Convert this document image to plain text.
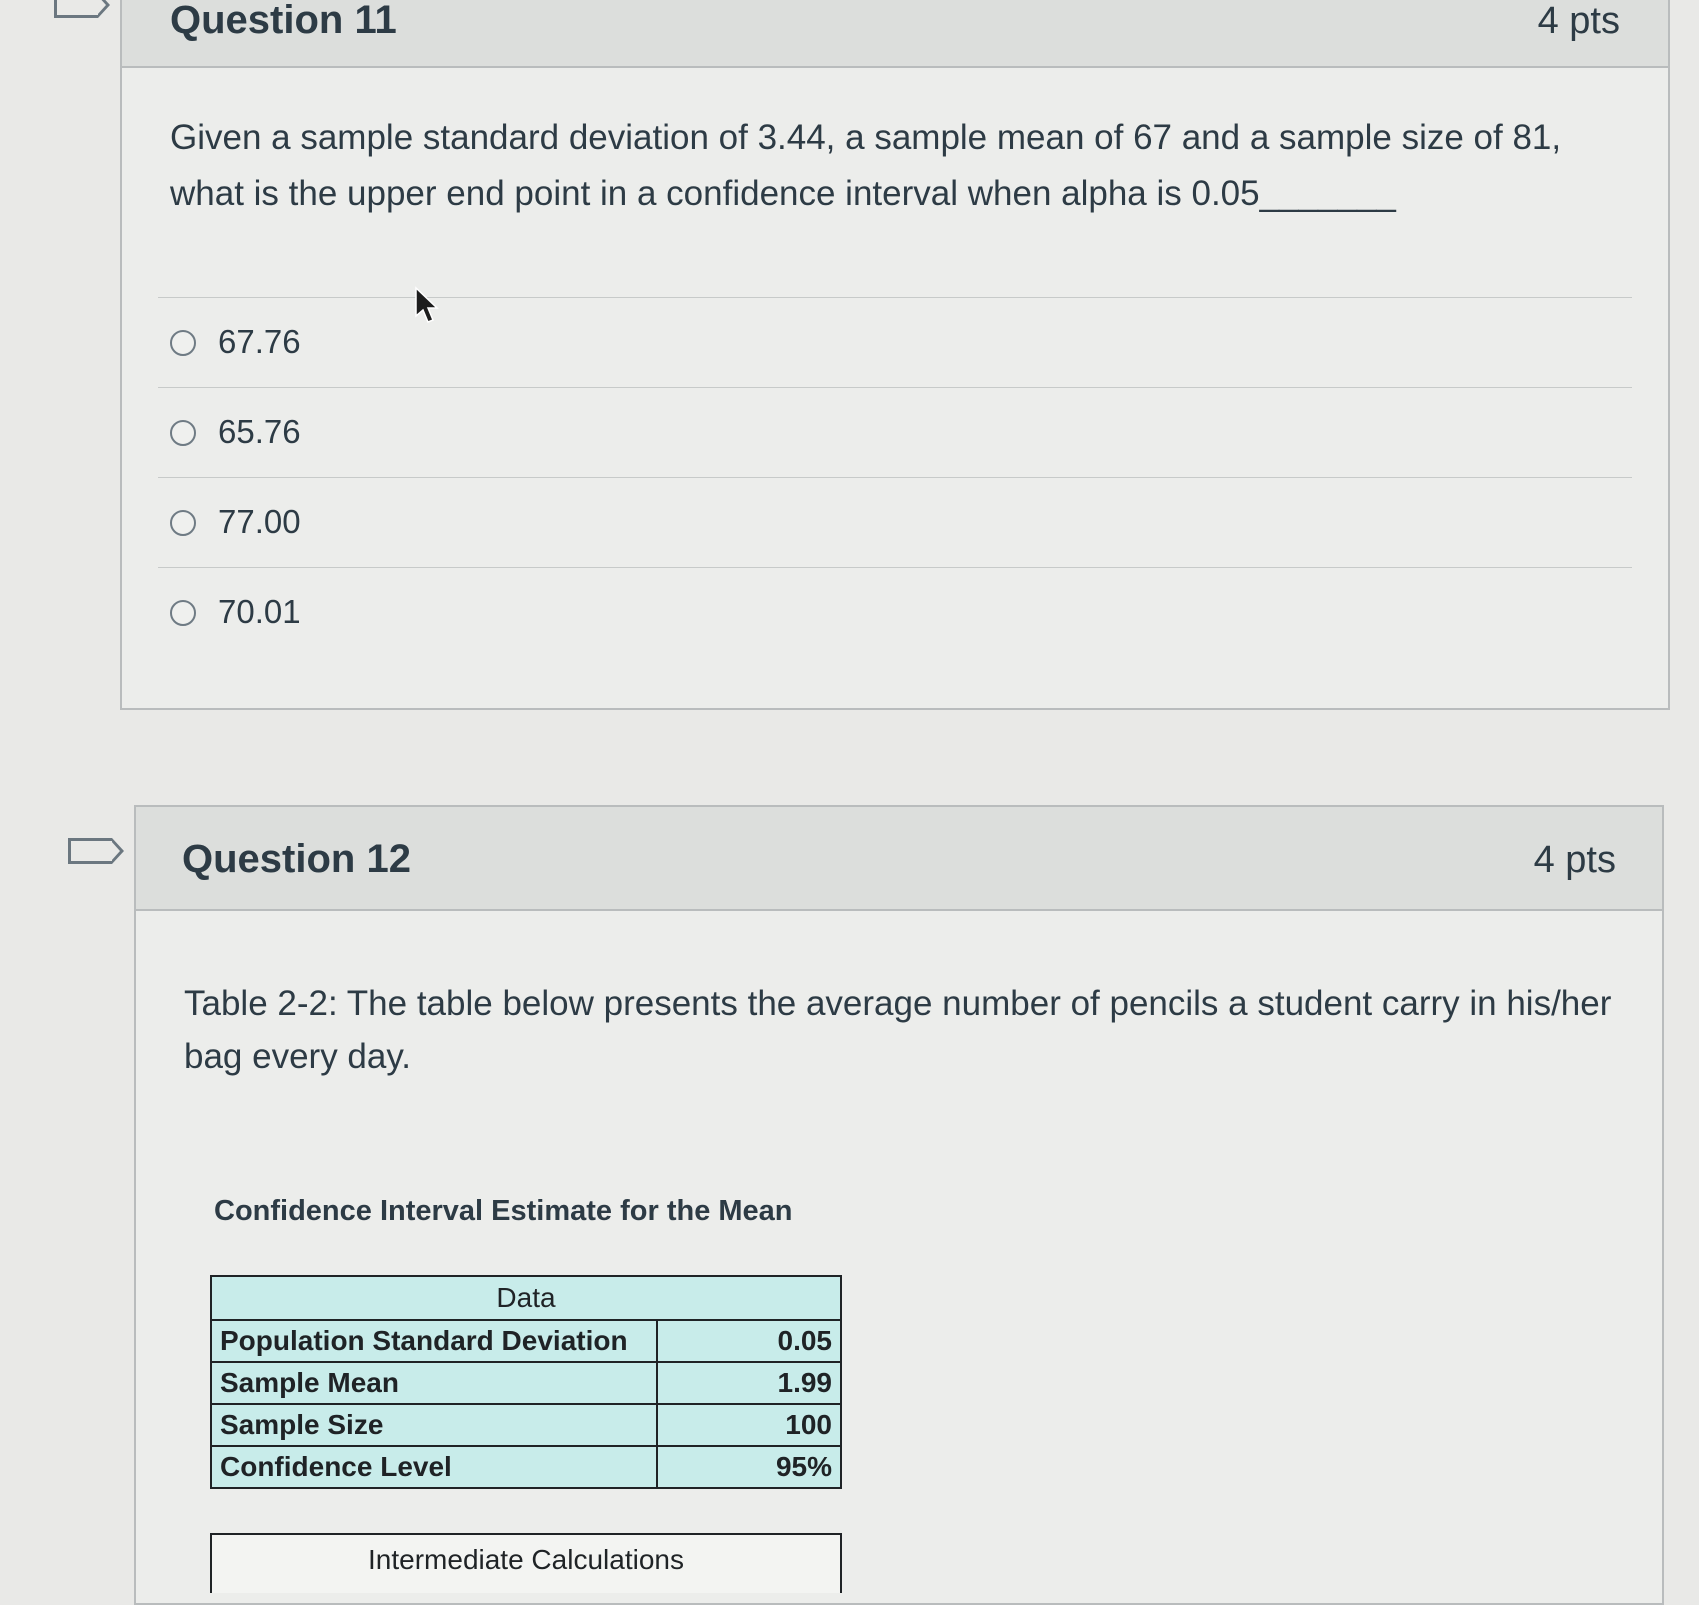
Question 11	4 pts
Given a sample standard deviation of 3.44, a sample mean of 67 and a sample size of 81,
what is the upper end point in a confidence interval when alpha is 0.05_______
67.76
65.76
77.00
70.01
Question 12	4 pts
Table 2-2: The table below presents the average number of pencils a student carry in his/her
bag every day.
Confidence Interval Estimate for the Mean
Data	
Population Standard Deviation	0.05
Sample Mean	1.99
Sample Size	100
Confidence Level	95%
Intermediate Calculations
